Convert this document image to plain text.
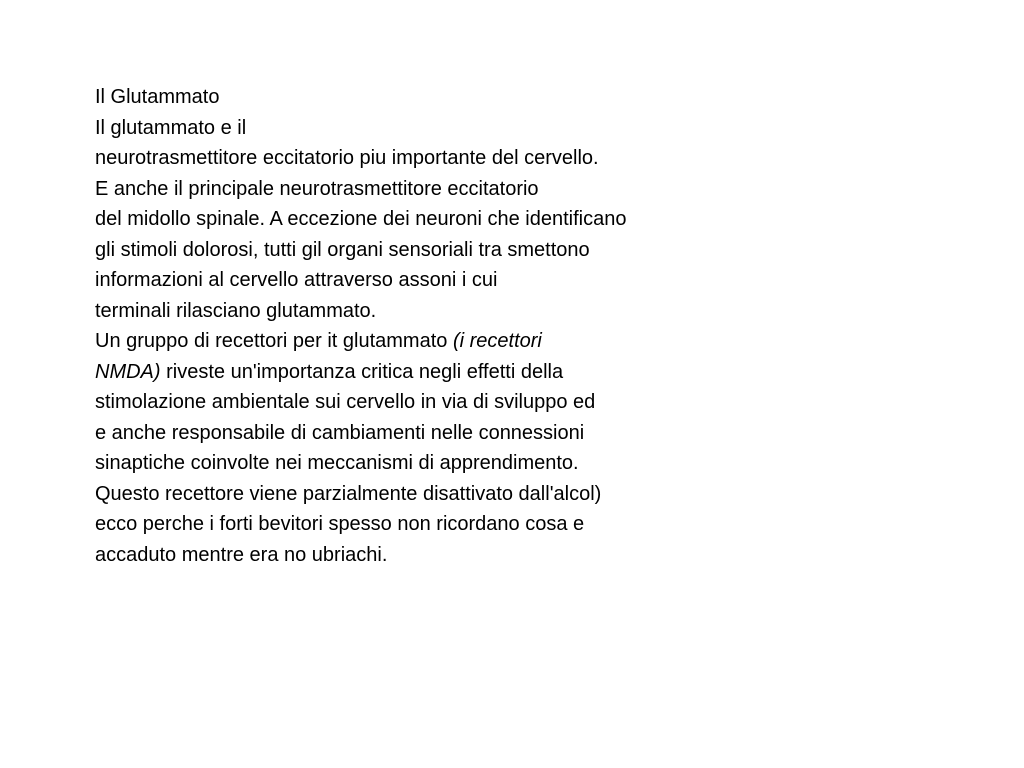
Il Glutammato
Il glutammato e il
neurotrasmettitore eccitatorio piu importante del cervello.
E anche il principale neurotrasmettitore eccitatorio
del midollo spinale. A eccezione dei neuroni che identificano
gli stimoli dolorosi, tutti gil organi sensoriali tra smettono
informazioni al cervello attraverso assoni i cui
terminali rilasciano glutammato.
Un gruppo di recettori per it glutammato (i recettori
NMDA) riveste un'importanza critica negli effetti della
stimolazione ambientale sui cervello in via di sviluppo ed
e anche responsabile di cambiamenti nelle connessioni
sinaptiche coinvolte nei meccanismi di apprendimento.
Questo recettore viene parzialmente disattivato dall'alcol)
ecco perche i forti bevitori spesso non ricordano cosa e
accaduto mentre era no ubriachi.
